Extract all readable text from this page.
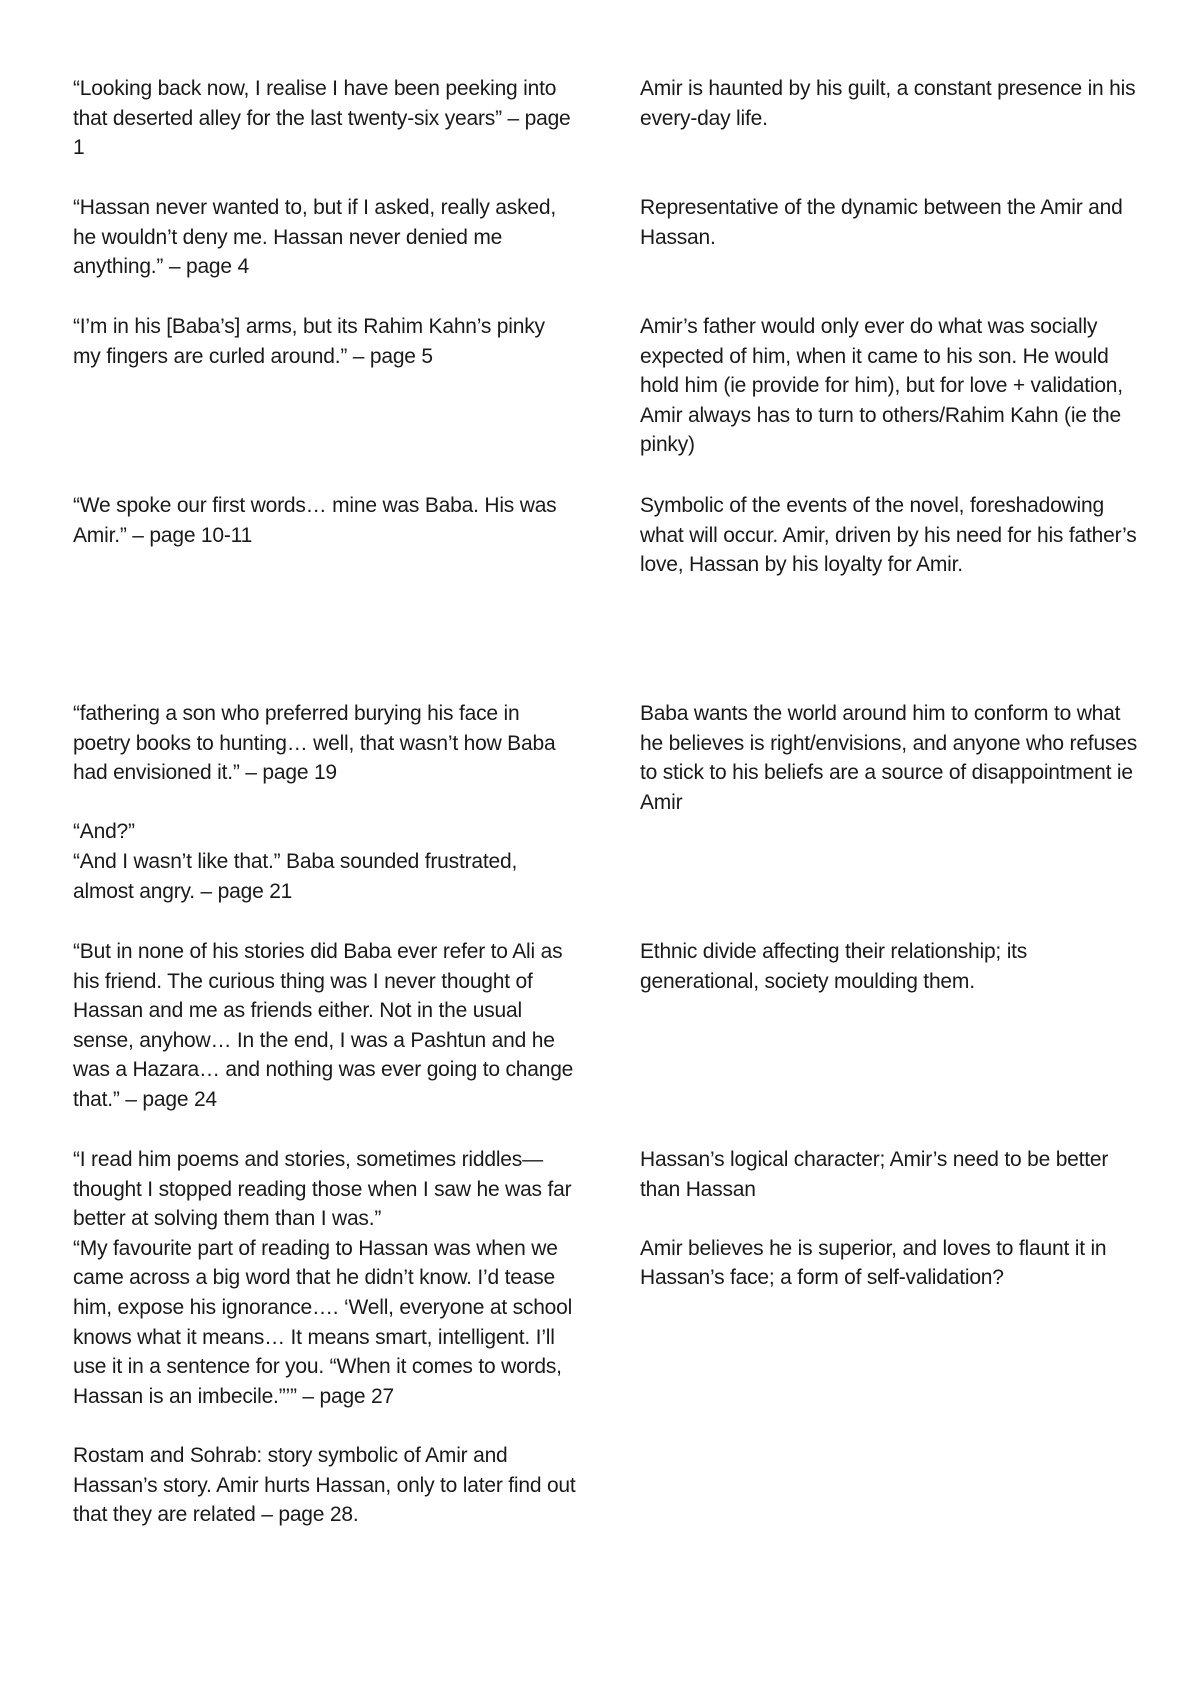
“Looking back now, I realise I have been peeking into that deserted alley for the last twenty-six years” – page 1

Amir is haunted by his guilt, a constant presence in his every-day life.

“Hassan never wanted to, but if I asked, really asked, he wouldn’t deny me. Hassan never denied me anything.” – page 4

Representative of the dynamic between the Amir and Hassan.

“I’m in his [Baba’s] arms, but its Rahim Kahn’s pinky my fingers are curled around.” – page 5

Amir’s father would only ever do what was socially expected of him, when it came to his son. He would hold him (ie provide for him), but for love + validation, Amir always has to turn to others/Rahim Kahn (ie the pinky)

“We spoke our first words… mine was Baba. His was Amir.” – page 10-11

Symbolic of the events of the novel, foreshadowing what will occur. Amir, driven by his need for his father’s love, Hassan by his loyalty for Amir.

“fathering a son who preferred burying his face in poetry books to hunting… well, that wasn’t how Baba had envisioned it.” – page 19

“And?”

“And I wasn’t like that.” Baba sounded frustrated, almost angry. – page 21

Baba wants the world around him to conform to what he believes is right/envisions, and anyone who refuses to stick to his beliefs are a source of disappointment ie Amir

“But in none of his stories did Baba ever refer to Ali as his friend. The curious thing was I never thought of Hassan and me as friends either. Not in the usual sense, anyhow… In the end, I was a Pashtun and he was a Hazara… and nothing was ever going to change that.” – page 24

Ethnic divide affecting their relationship; its generational, society moulding them.

“I read him poems and stories, sometimes riddles—thought I stopped reading those when I saw he was far better at solving them than I was.”

“My favourite part of reading to Hassan was when we came across a big word that he didn’t know. I’d tease him, expose his ignorance…. ‘Well, everyone at school knows what it means… It means smart, intelligent. I’ll use it in a sentence for you. “When it comes to words, Hassan is an imbecile.”’” – page 27

Rostam and Sohrab: story symbolic of Amir and Hassan’s story. Amir hurts Hassan, only to later find out that they are related – page 28.

Hassan’s logical character; Amir’s need to be better than Hassan

Amir believes he is superior, and loves to flaunt it in Hassan’s face; a form of self-validation?
